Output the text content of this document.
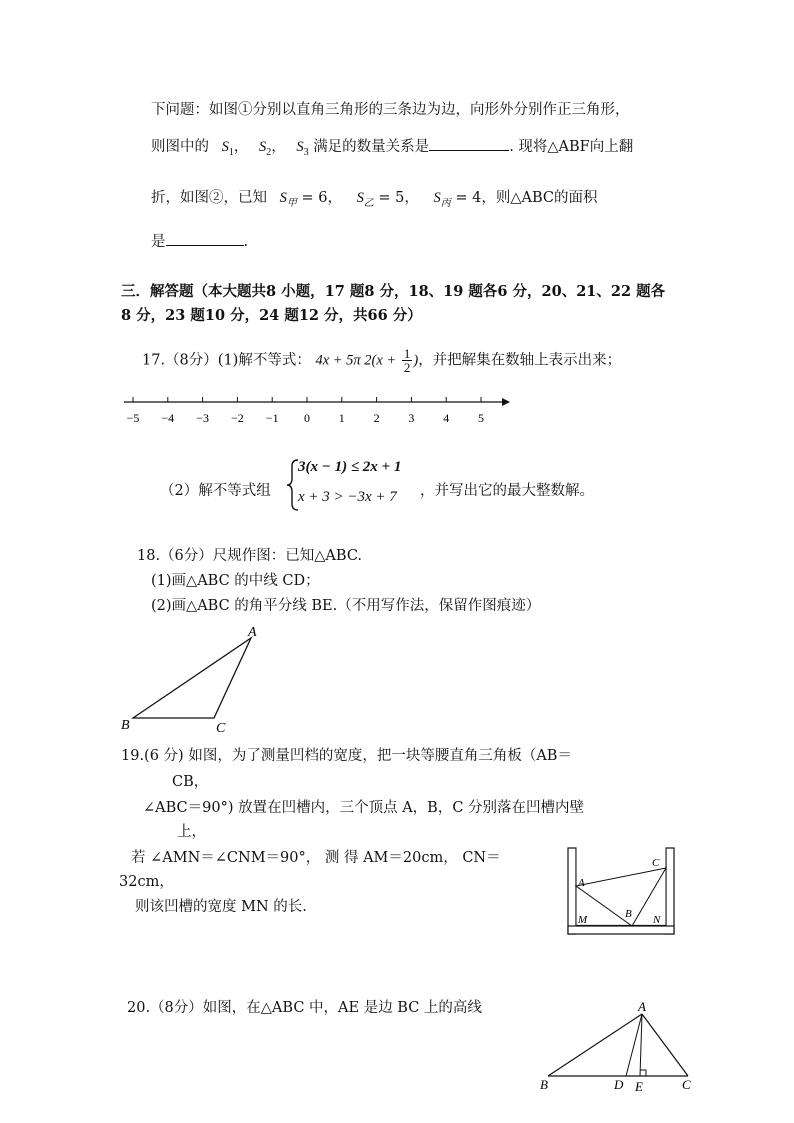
下问题：如图①分别以直角三角形的三条边为边，向形外分别作正三角形，
则图中的 $S_1$， $S_2$， $S_3$ 满足的数量关系是	. 现将△ABF向上翻
折，如图②，已知 $S_甲 = 6$， $S_乙 = 5$， $S_丙 = 4$，则△ABC的面积
是	.
三．解答题（本大题共8 小题，17 题8 分，18、19 题各6 分，20、21、22 题各
8 分，23 题10 分，24 题12 分，共66 分）
17.（8分）(1)解不等式： 4x + 5π $2(x + \frac{1}{2}$ )，并把解集在数轴上表示出来；
−5 −4 −3 −2 −1 0 1 2 3 4 5
（2）解不等式组
3(x − 1) ≤ 2x + 1
x + 3 > −3x + 7 ，并写出它的最大整数解。
18.（6分）尺规作图：已知△ABC.
(1)画△ABC 的中线 CD；
(2)画△ABC 的角平分线 BE.（不用写作法，保留作图痕迹）
A
B	C
19.(6 分) 如图，为了测量凹档的宽度，把一块等腰直角三角板（AB＝
CB，
∠ABC＝90°) 放置在凹槽内，三个顶点 A，B，C 分别落在凹槽内壁
上，
若 ∠AMN＝∠CNM＝90°， 测 得 AM＝20cm， CN＝
32cm，
则该凹槽的宽度 MN 的长.
A
C
M	B N
20.（8分）如图，在△ABC 中，AE 是边 BC 上的高线	A
B	D E	C
